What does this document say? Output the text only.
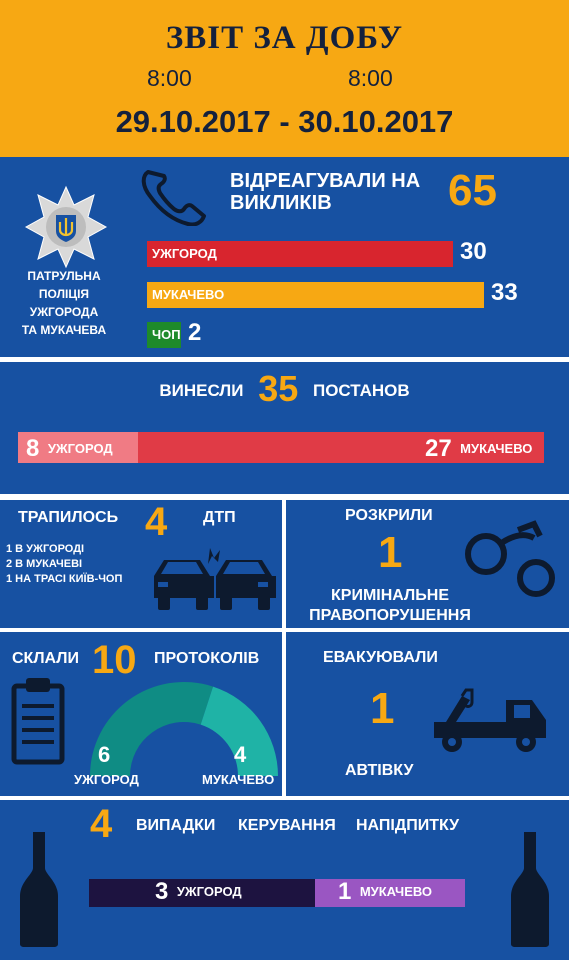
ЗВІТ ЗА ДОБУ
8:00	8:00
29.10.2017 - 30.10.2017
ПАТРУЛЬНА
ПОЛІЦІЯ
УЖГОРОДА
ТА МУКАЧЕВА
ВІДРЕАГУВАЛИ НА
ВИКЛИКІВ	65
УЖГОРОД	30
МУКАЧЕВО	33
ЧОП 2
ВИНЕСЛИ 35 ПОСТАНОВ
8 УЖГОРОД	27 МУКАЧЕВО
ТРАПИЛОСЬ 4 ДТП
1 В УЖГОРОДІ
2 В МУКАЧЕВІ
1 НА ТРАСІ КИЇВ-ЧОП
РОЗКРИЛИ
1
КРИМІНАЛЬНЕ
ПРАВОПОРУШЕННЯ
СКЛАЛИ 10 ПРОТОКОЛІВ
6	4
УЖГОРОД	МУКАЧЕВО
ЕВАКУЮВАЛИ
1
АВТІВКУ
4 ВИПАДКИ КЕРУВАННЯ НАПІДПИТКУ
3 УЖГОРОД	1 МУКАЧЕВО
